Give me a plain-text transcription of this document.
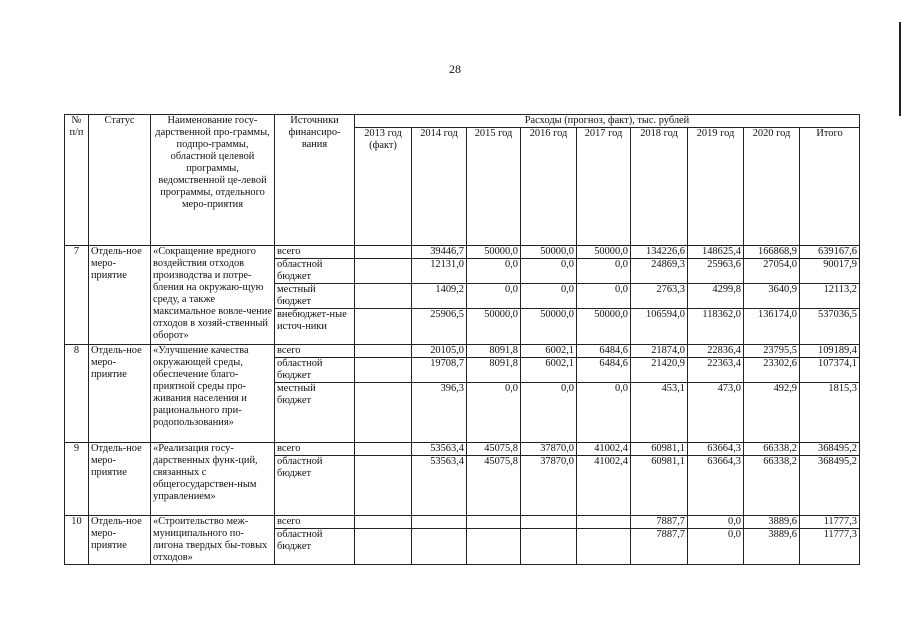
28
№ п/п	Статус	Наименование госу-дарственной про-граммы, подпро-граммы, областной целевой программы, ведомственной це-левой программы, отдельного меро-приятия	Источники финансиро-вания	Расходы (прогноз, факт), тыс. рублей								
				2013 год (факт)	2014 год	2015 год	2016 год	2017 год	2018 год	2019 год	2020 год	Итого
7	Отдель-ное меро-приятие	«Сокращение вредного воздействия отходов производства и потре-бления на окружаю-щую среду, а также максимальное вовле-чение отходов в хозяй-ственный оборот»	всего		39446,7	50000,0	50000,0	50000,0	134226,6	148625,4	166868,9	639167,6
			областной бюджет		12131,0	0,0	0,0	0,0	24869,3	25963,6	27054,0	90017,9
			местный бюджет		1409,2	0,0	0,0	0,0	2763,3	4299,8	3640,9	12113,2
			внебюджет-ные источ-ники		25906,5	50000,0	50000,0	50000,0	106594,0	118362,0	136174,0	537036,5
8	Отдель-ное меро-приятие	«Улучшение качества окружающей среды, обеспечение благо-приятной среды про-живания населения и рационального при-родопользования»	всего		20105,0	8091,8	6002,1	6484,6	21874,0	22836,4	23795,5	109189,4
			областной бюджет		19708,7	8091,8	6002,1	6484,6	21420,9	22363,4	23302,6	107374,1
			местный бюджет		396,3	0,0	0,0	0,0	453,1	473,0	492,9	1815,3
9	Отдель-ное меро-приятие	«Реализация госу-дарственных функ-ций, связанных с общегосударствен-ным управлением»	всего		53563,4	45075,8	37870,0	41002,4	60981,1	63664,3	66338,2	368495,2
			областной бюджет		53563,4	45075,8	37870,0	41002,4	60981,1	63664,3	66338,2	368495,2
10	Отдель-ное меро-приятие	«Строительство меж-муниципального по-лигона твердых бы-товых отходов»	всего						7887,7	0,0	3889,6	11777,3
			областной бюджет						7887,7	0,0	3889,6	11777,3
